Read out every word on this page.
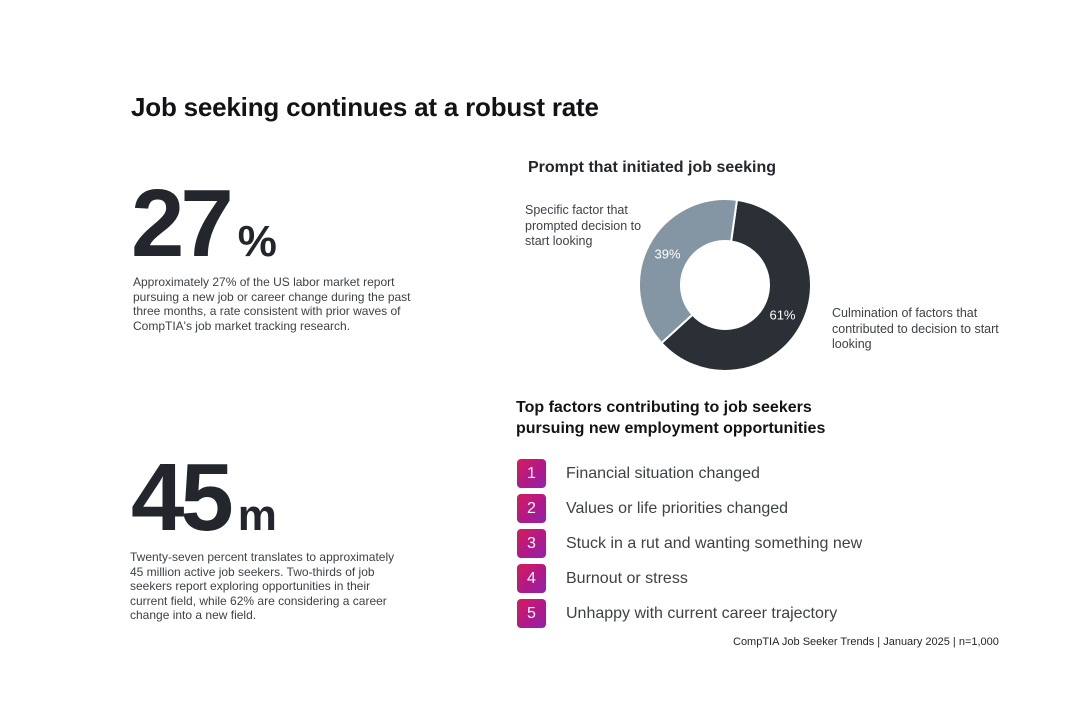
Job seeking continues at a robust rate
27 %
Approximately 27% of the US labor market report pursuing a new job or career change during the past three months, a rate consistent with prior waves of CompTIA's job market tracking research.
45 m
Twenty-seven percent translates to approximately 45 million active job seekers. Two-thirds of job seekers report exploring opportunities in their current field, while 62% are considering a career change into a new field.
Prompt that initiated job seeking
61%
39%
Specific factor that prompted decision to start looking
Culmination of factors that contributed to decision to start looking
Top factors contributing to job seekers pursuing new employment opportunities
1	Financial situation changed
2	Values or life priorities changed
3	Stuck in a rut and wanting something new
4	Burnout or stress
5	Unhappy with current career trajectory
CompTIA Job Seeker Trends | January 2025 | n=1,000
